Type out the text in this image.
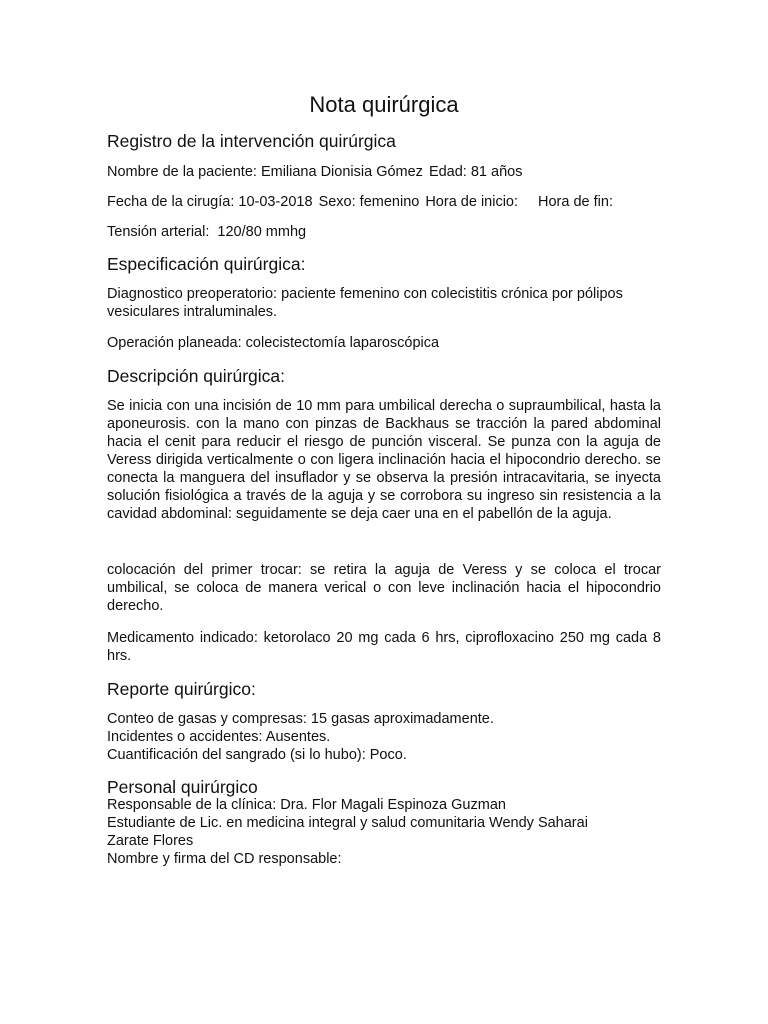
Nota quirúrgica
Registro de la intervención quirúrgica
Nombre de la paciente: Emiliana Dionisia Gómez Edad: 81 años
Fecha de la cirugía: 10-03-2018 Sexo: femenino Hora de inicio: Hora de fin:
Tensión arterial:  120/80 mmhg
Especificación quirúrgica:
Diagnostico preoperatorio: paciente femenino con colecistitis crónica por pólipos vesiculares intraluminales.
Operación planeada: colecistectomía laparoscópica
Descripción quirúrgica:
Se inicia con una incisión de 10 mm para umbilical derecha o supraumbilical, hasta la aponeurosis. con la mano con pinzas de Backhaus se tracción la pared abdominal hacia el cenit para reducir el riesgo de punción visceral. Se punza con la aguja de Veress dirigida verticalmente o con ligera inclinación hacia el hipocondrio derecho. se conecta la manguera del insuflador y se observa la presión intracavitaria, se inyecta solución fisiológica a través de la aguja y se corrobora su ingreso sin resistencia a la cavidad abdominal: seguidamente se deja caer una en el pabellón de la aguja.
colocación del primer trocar: se retira la aguja de Veress y se coloca el trocar umbilical, se coloca de manera verical o con leve inclinación hacia el hipocondrio derecho.
Medicamento indicado: ketorolaco 20 mg cada 6 hrs, ciprofloxacino 250 mg cada 8 hrs.
Reporte quirúrgico:
Conteo de gasas y compresas: 15 gasas aproximadamente.
Incidentes o accidentes: Ausentes.
Cuantificación del sangrado (si lo hubo): Poco.
Personal quirúrgico
Responsable de la clínica: Dra. Flor Magali Espinoza Guzman
Estudiante de Lic. en medicina integral y salud comunitaria Wendy Saharai
Zarate Flores
Nombre y firma del CD responsable:
